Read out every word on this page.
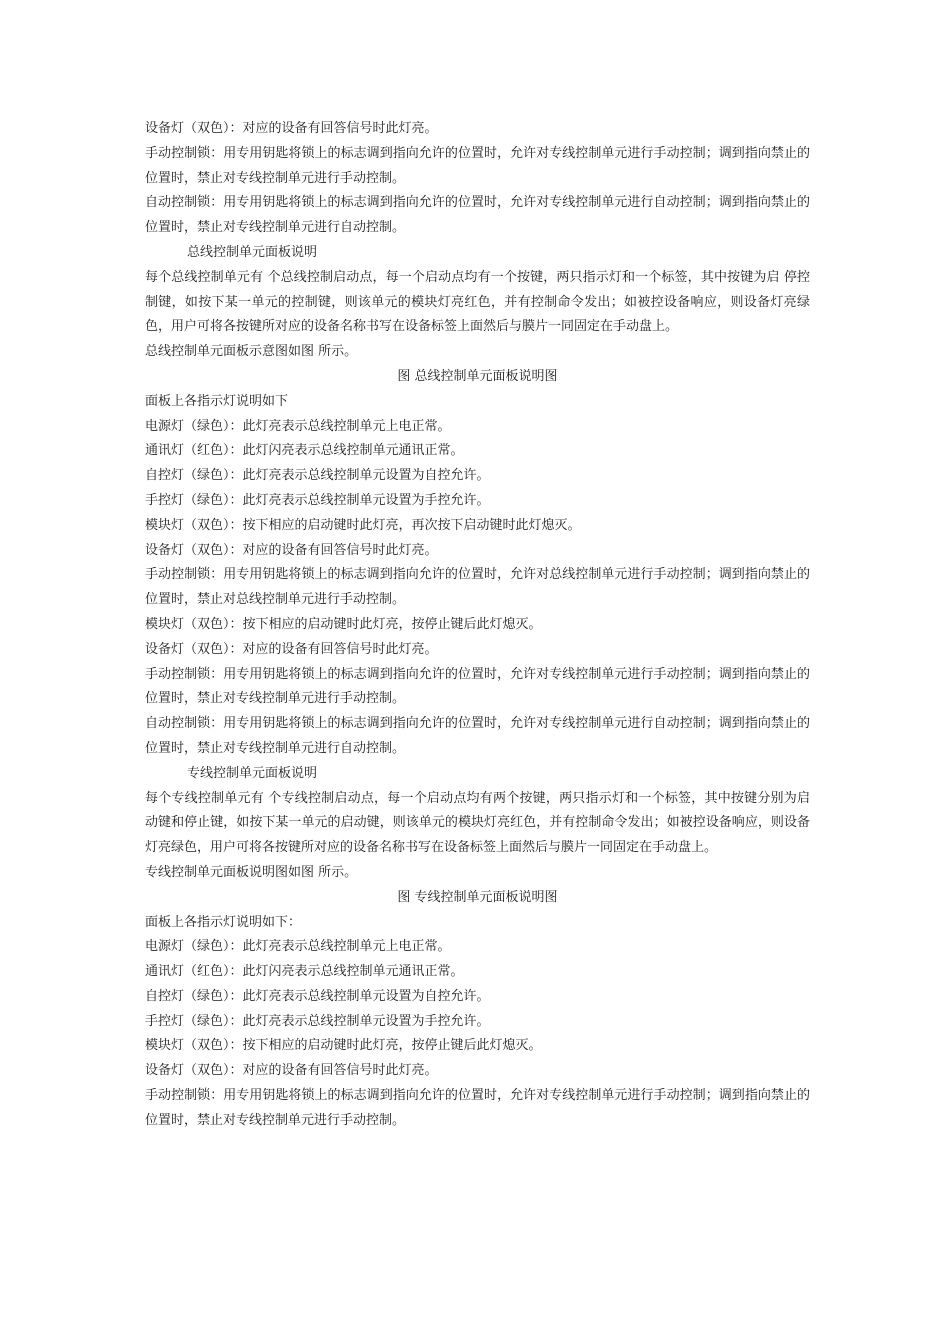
设备灯（双色）：对应的设备有回答信号时此灯亮。
手动控制锁：用专用钥匙将锁上的标志调到指向允许的位置时，允许对专线控制单元进行手动控制；调到指向禁止的位置时，禁止对专线控制单元进行手动控制。
自动控制锁：用专用钥匙将锁上的标志调到指向允许的位置时，允许对专线控制单元进行自动控制；调到指向禁止的位置时，禁止对专线控制单元进行自动控制。
总线控制单元面板说明
每个总线控制单元有 个总线控制启动点，每一个启动点均有一个按键，两只指示灯和一个标签，其中按键为启 停控制键，如按下某一单元的控制键，则该单元的模块灯亮红色，并有控制命令发出；如被控设备响应，则设备灯亮绿色，用户可将各按键所对应的设备名称书写在设备标签上面然后与膜片一同固定在手动盘上。
总线控制单元面板示意图如图 所示。
图 总线控制单元面板说明图
面板上各指示灯说明如下
电源灯（绿色）：此灯亮表示总线控制单元上电正常。
通讯灯（红色）：此灯闪亮表示总线控制单元通讯正常。
自控灯（绿色）：此灯亮表示总线控制单元设置为自控允许。
手控灯（绿色）：此灯亮表示总线控制单元设置为手控允许。
模块灯（双色）：按下相应的启动键时此灯亮，再次按下启动键时此灯熄灭。
设备灯（双色）：对应的设备有回答信号时此灯亮。
手动控制锁：用专用钥匙将锁上的标志调到指向允许的位置时，允许对总线控制单元进行手动控制；调到指向禁止的位置时，禁止对总线控制单元进行手动控制。
模块灯（双色）：按下相应的启动键时此灯亮，按停止键后此灯熄灭。
设备灯（双色）：对应的设备有回答信号时此灯亮。
手动控制锁：用专用钥匙将锁上的标志调到指向允许的位置时，允许对专线控制单元进行手动控制；调到指向禁止的位置时，禁止对专线控制单元进行手动控制。
自动控制锁：用专用钥匙将锁上的标志调到指向允许的位置时，允许对专线控制单元进行自动控制；调到指向禁止的位置时，禁止对专线控制单元进行自动控制。
专线控制单元面板说明
每个专线控制单元有 个专线控制启动点，每一个启动点均有两个按键，两只指示灯和一个标签，其中按键分别为启动键和停止键，如按下某一单元的启动键，则该单元的模块灯亮红色，并有控制命令发出；如被控设备响应，则设备灯亮绿色，用户可将各按键所对应的设备名称书写在设备标签上面然后与膜片一同固定在手动盘上。
专线控制单元面板说明图如图 所示。
图 专线控制单元面板说明图
面板上各指示灯说明如下：
电源灯（绿色）：此灯亮表示总线控制单元上电正常。
通讯灯（红色）：此灯闪亮表示总线控制单元通讯正常。
自控灯（绿色）：此灯亮表示总线控制单元设置为自控允许。
手控灯（绿色）：此灯亮表示总线控制单元设置为手控允许。
模块灯（双色）：按下相应的启动键时此灯亮，按停止键后此灯熄灭。
设备灯（双色）：对应的设备有回答信号时此灯亮。
手动控制锁：用专用钥匙将锁上的标志调到指向允许的位置时，允许对专线控制单元进行手动控制；调到指向禁止的位置时，禁止对专线控制单元进行手动控制。
